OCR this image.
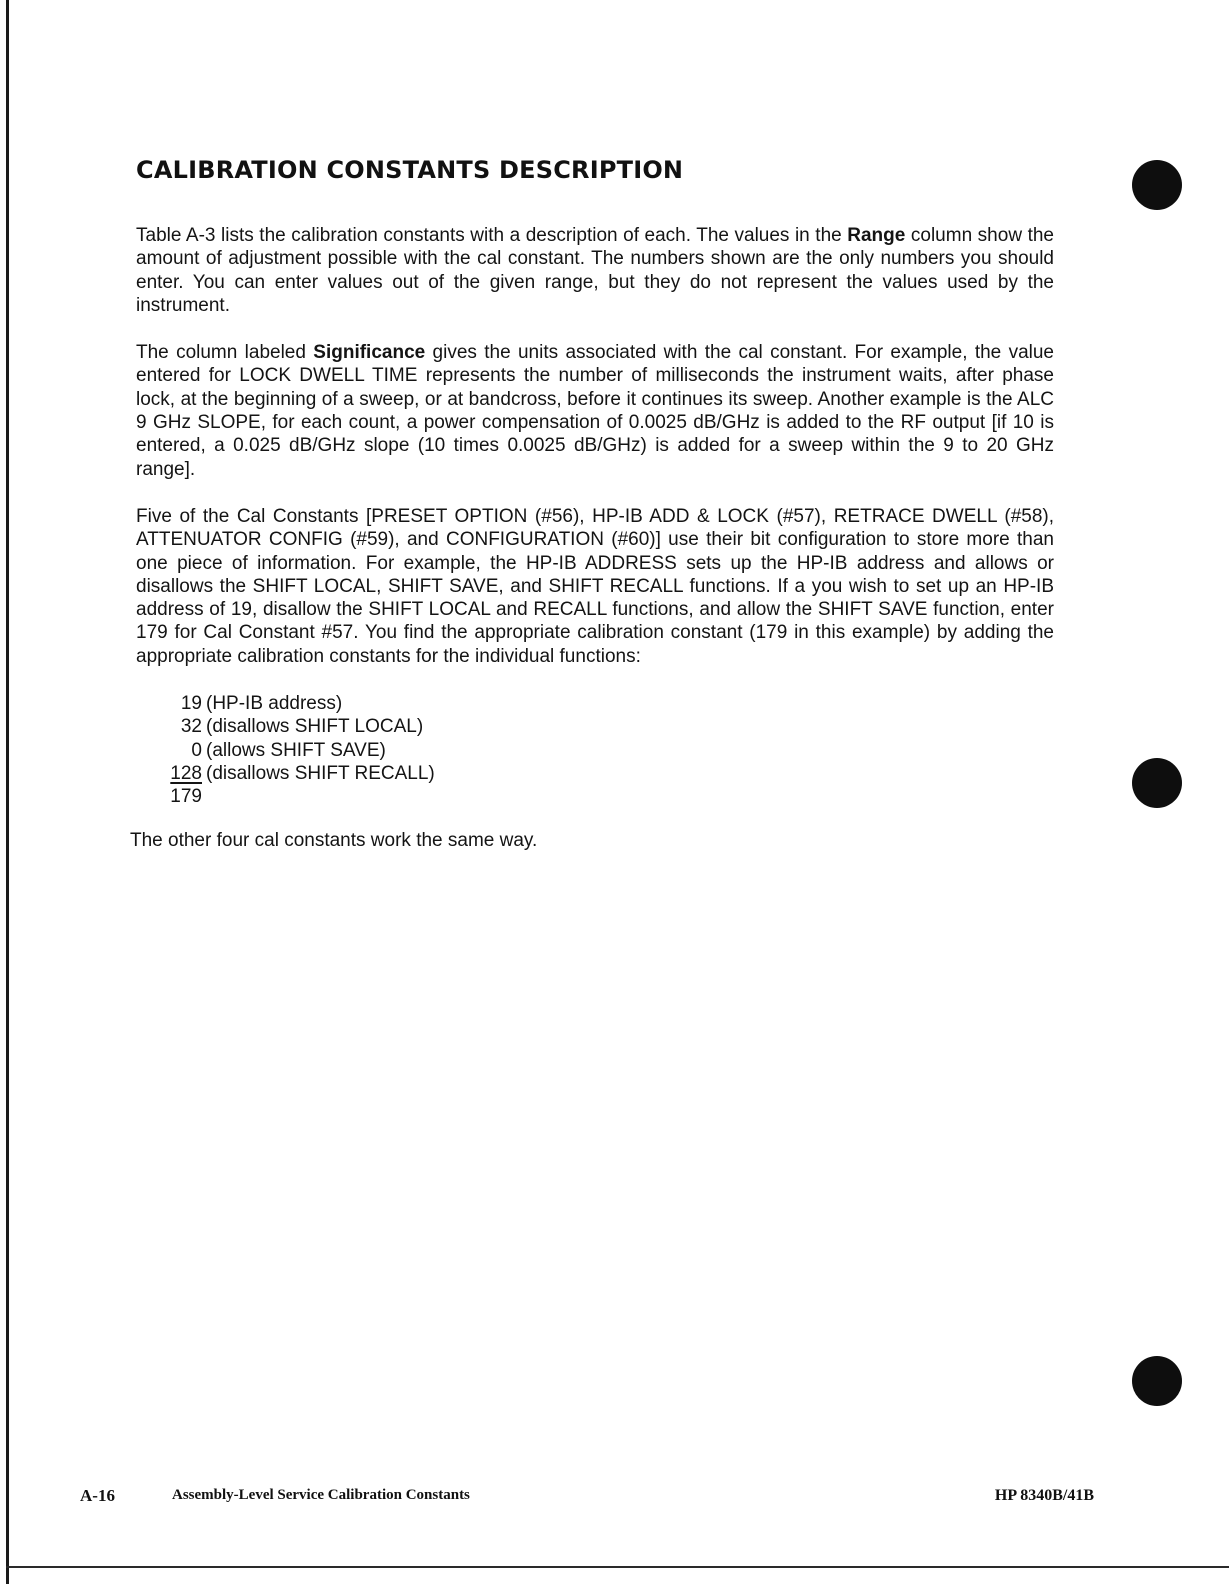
CALIBRATION CONSTANTS DESCRIPTION

Table A-3 lists the calibration constants with a description of each. The values in the Range column show the amount of adjustment possible with the cal constant. The numbers shown are the only numbers you should enter. You can enter values out of the given range, but they do not represent the values used by the instrument.

The column labeled Significance gives the units associated with the cal constant. For example, the value entered for LOCK DWELL TIME represents the number of milliseconds the instrument waits, after phase lock, at the beginning of a sweep, or at bandcross, before it continues its sweep. Another example is the ALC 9 GHz SLOPE, for each count, a power compensation of 0.0025 dB/GHz is added to the RF output [if 10 is entered, a 0.025 dB/GHz slope (10 times 0.0025 dB/GHz) is added for a sweep within the 9 to 20 GHz range].

Five of the Cal Constants [PRESET OPTION (#56), HP-IB ADD & LOCK (#57), RETRACE DWELL (#58), ATTENUATOR CONFIG (#59), and CONFIGURATION (#60)] use their bit configuration to store more than one piece of information. For example, the HP-IB ADDRESS sets up the HP-IB address and allows or disallows the SHIFT LOCAL, SHIFT SAVE, and SHIFT RECALL functions. If a you wish to set up an HP-IB address of 19, disallow the SHIFT LOCAL and RECALL functions, and allow the SHIFT SAVE function, enter 179 for Cal Constant #57. You find the appropriate calibration constant (179 in this example) by adding the appropriate calibration constants for the individual functions:

19 (HP-IB address)
32 (disallows SHIFT LOCAL)
0 (allows SHIFT SAVE)
128 (disallows SHIFT RECALL)
179

The other four cal constants work the same way.

A-16	Assembly-Level Service Calibration Constants	HP 8340B/41B
